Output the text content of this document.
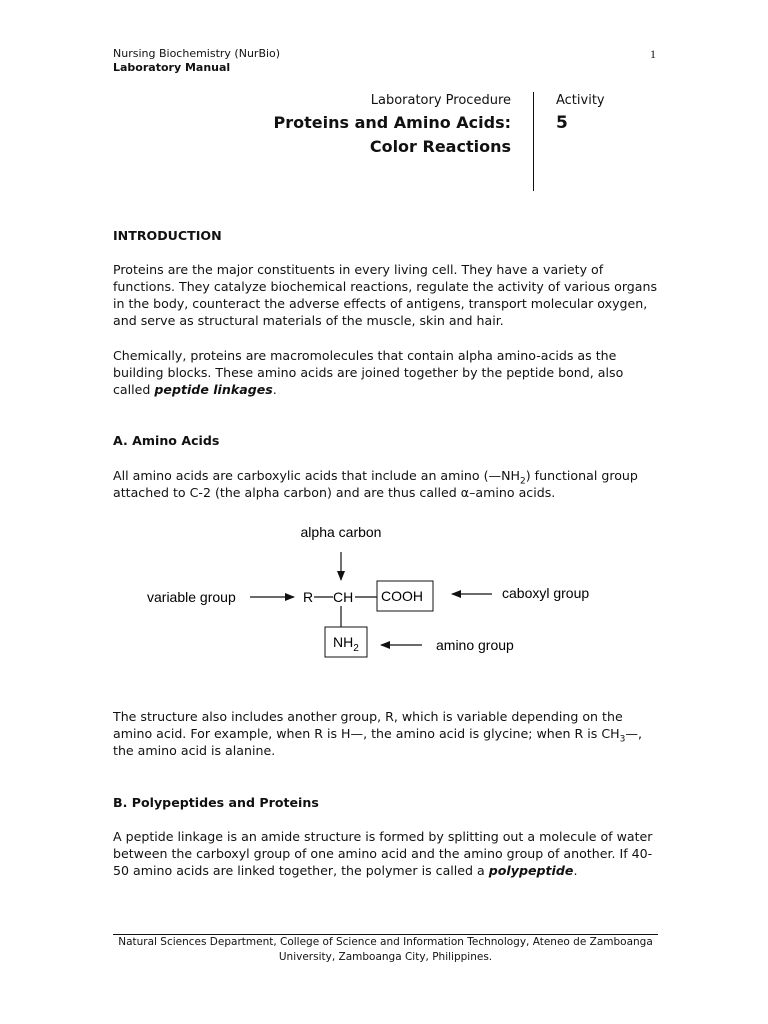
Nursing Biochemistry (NurBio)
Laboratory Manual
1
Laboratory Procedure
Proteins and Amino Acids:
Color Reactions
Activity
5
INTRODUCTION
Proteins are the major constituents in every living cell. They have a variety of functions. They catalyze biochemical reactions, regulate the activity of various organs in the body, counteract the adverse effects of antigens, transport molecular oxygen, and serve as structural materials of the muscle, skin and hair.
Chemically, proteins are macromolecules that contain alpha amino-acids as the building blocks. These amino acids are joined together by the peptide bond, also called peptide linkages.
A. Amino Acids
All amino acids are carboxylic acids that include an amino $(—NH_2)$ functional group attached to C-2 (the alpha carbon) and are thus called α–amino acids.
alpha carbon
variable group	R CH COOH	caboxyl group
$NH_2$	amino group
The structure also includes another group, R, which is variable depending on the amino acid. For example, when R is H—, the amino acid is glycine; when R is $CH_3—$, the amino acid is alanine.
B. Polypeptides and Proteins
A peptide linkage is an amide structure is formed by splitting out a molecule of water between the carboxyl group of one amino acid and the amino group of another. If 40-50 amino acids are linked together, the polymer is called a polypeptide.
Natural Sciences Department, College of Science and Information Technology, Ateneo de Zamboanga University, Zamboanga City, Philippines.
